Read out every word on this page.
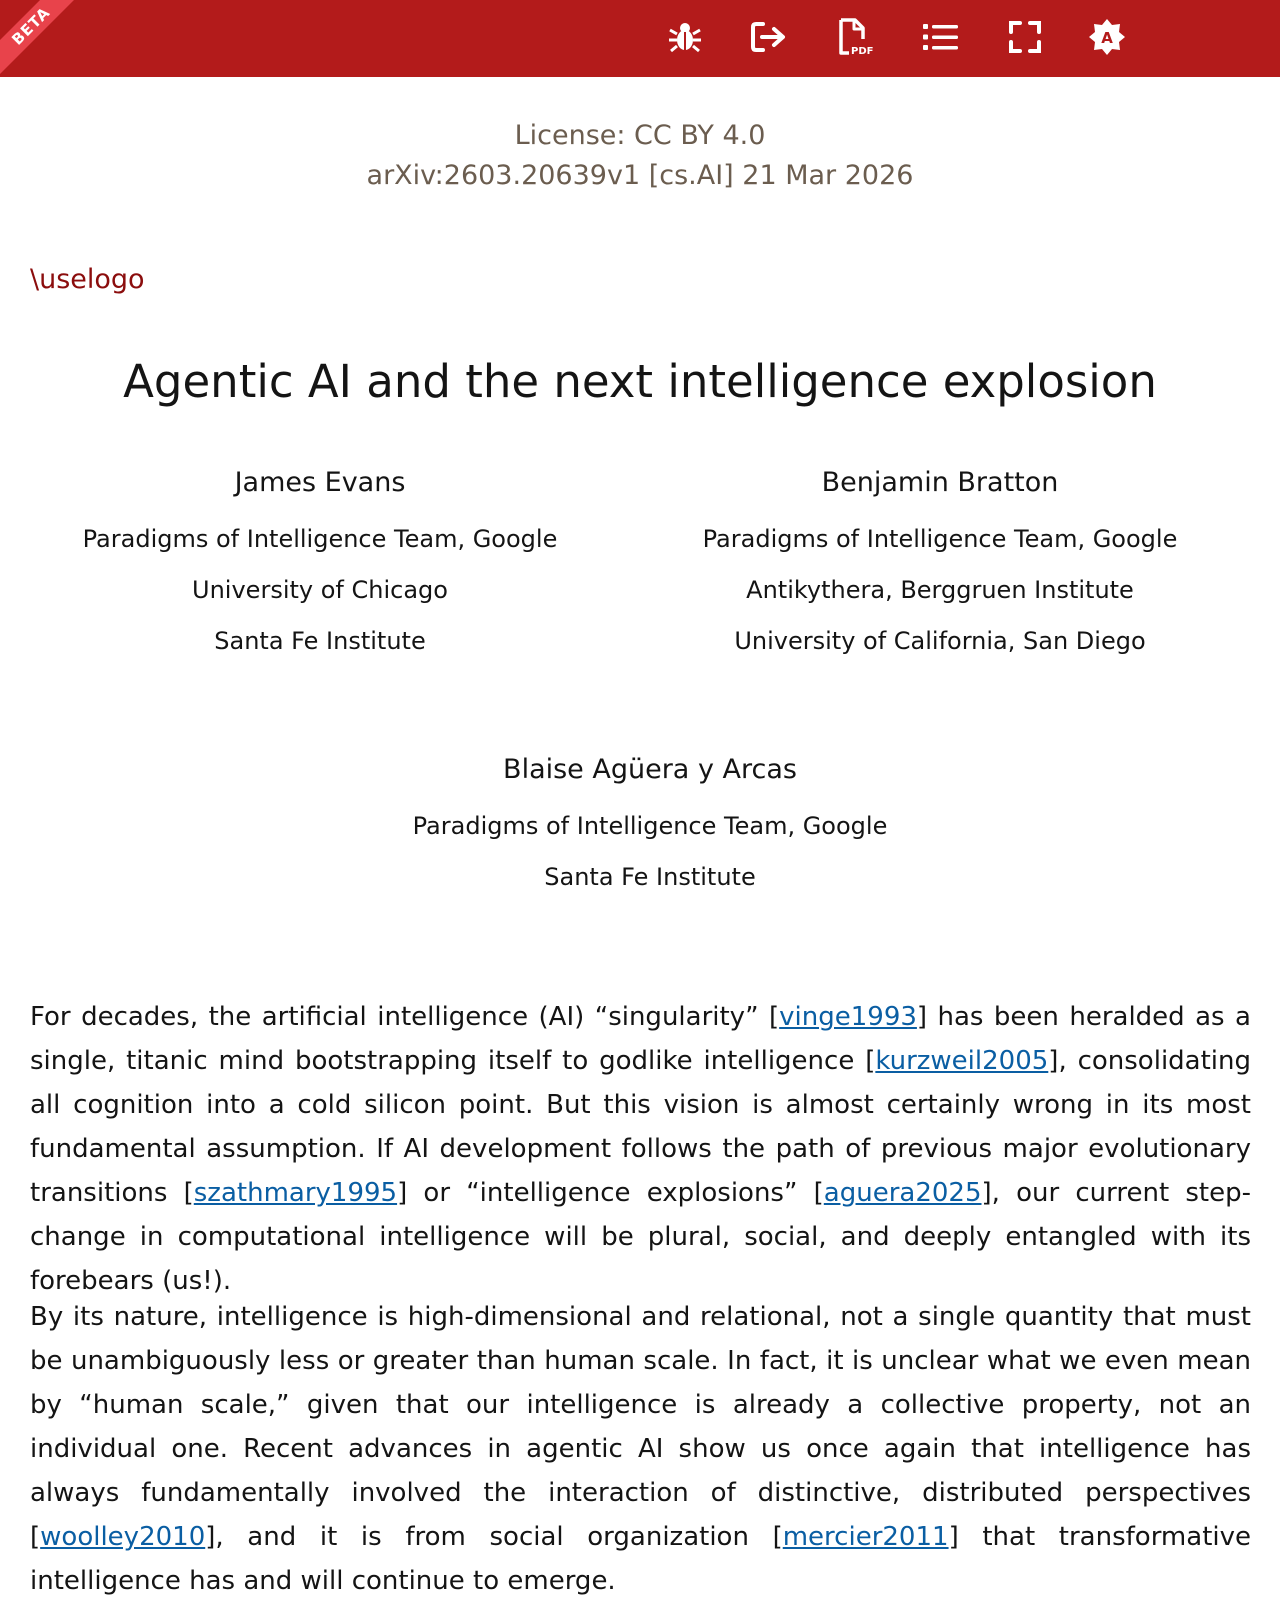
BETA
PDF
A
License: CC BY 4.0
arXiv:2603.20639v1 [cs.AI] 21 Mar 2026
\uselogo
Agentic AI and the next intelligence explosion
James Evans
Paradigms of Intelligence Team, Google
University of Chicago
Santa Fe Institute
Benjamin Bratton
Paradigms of Intelligence Team, Google
Antikythera, Berggruen Institute
University of California, San Diego
Blaise Agüera y Arcas
Paradigms of Intelligence Team, Google
Santa Fe Institute

For decades, the artificial intelligence (AI) “singularity” [vinge1993] has been heralded as a single, titanic mind bootstrapping itself to godlike intelligence [kurzweil2005], consolidating all cognition into a cold silicon point. But this vision is almost certainly wrong in its most fundamental assumption. If AI development follows the path of previous major evolutionary transitions [szathmary1995] or “intelligence explosions” [aguera2025], our current step-change in computational intelligence will be plural, social, and deeply entangled with its forebears (us!).

By its nature, intelligence is high-dimensional and relational, not a single quantity that must be unambiguously less or greater than human scale. In fact, it is unclear what we even mean by “human scale,” given that our intelligence is already a collective property, not an individual one. Recent advances in agentic AI show us once again that intelligence has always fundamentally involved the interaction of distinctive, distributed perspectives [woolley2010], and it is from social organization [mercier2011] that transformative intelligence has and will continue to emerge.
